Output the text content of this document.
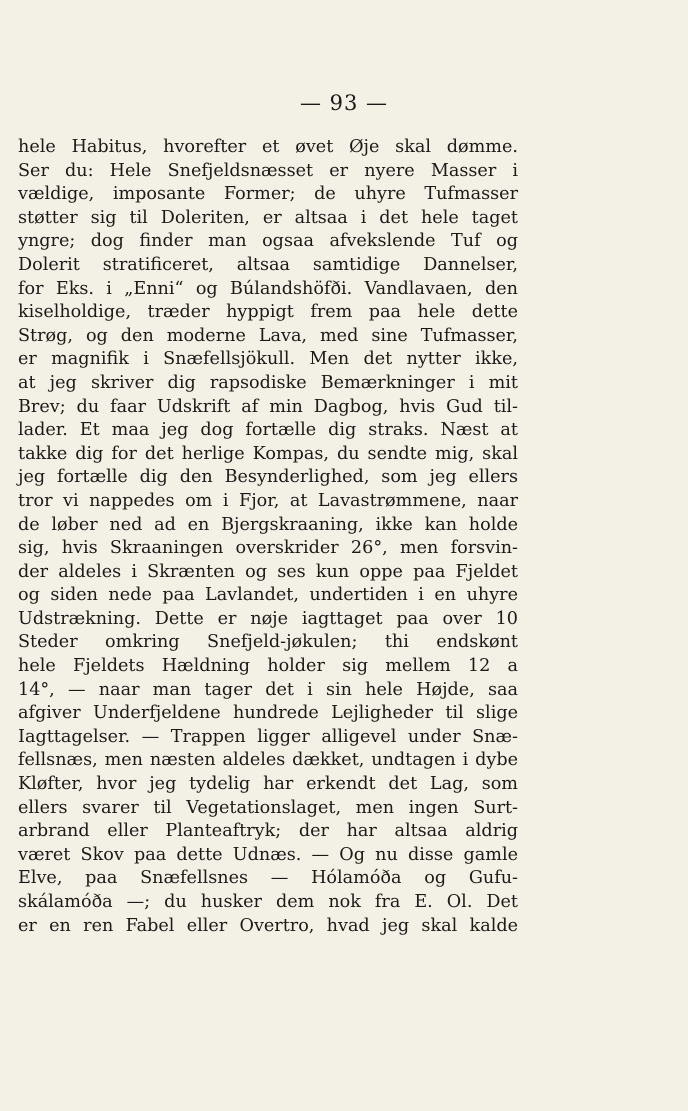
— 93 —
hele Habitus, hvorefter et øvet Øje skal dømme.
Ser du: Hele Snefjeldsnæsset er nyere Masser i
vældige, imposante Former; de uhyre Tufmasser
støtter sig til Doleriten, er altsaa i det hele taget
yngre; dog finder man ogsaa afvekslende Tuf og
Dolerit stratificeret, altsaa samtidige Dannelser,
for Eks. i „Enni“ og Búlandshöfði. Vandlavaen, den
kiselholdige, træder hyppigt frem paa hele dette
Strøg, og den moderne Lava, med sine Tufmasser,
er magnifik i Snæfellsjökull. Men det nytter ikke,
at jeg skriver dig rapsodiske Bemærkninger i mit
Brev; du faar Udskrift af min Dagbog, hvis Gud til-
lader. Et maa jeg dog fortælle dig straks. Næst at
takke dig for det herlige Kompas, du sendte mig, skal
jeg fortælle dig den Besynderlighed, som jeg ellers
tror vi nappedes om i Fjor, at Lavastrømmene, naar
de løber ned ad en Bjergskraaning, ikke kan holde
sig, hvis Skraaningen overskrider 26°, men forsvin-
der aldeles i Skrænten og ses kun oppe paa Fjeldet
og siden nede paa Lavlandet, undertiden i en uhyre
Udstrækning. Dette er nøje iagttaget paa over 10
Steder omkring Snefjeld-jøkulen; thi endskønt
hele Fjeldets Hældning holder sig mellem 12 a
14°, — naar man tager det i sin hele Højde, saa
afgiver Underfjeldene hundrede Lejligheder til slige
Iagttagelser. — Trappen ligger alligevel under Snæ-
fellsnæs, men næsten aldeles dækket, undtagen i dybe
Kløfter, hvor jeg tydelig har erkendt det Lag, som
ellers svarer til Vegetationslaget, men ingen Surt-
arbrand eller Planteaftryk; der har altsaa aldrig
været Skov paa dette Udnæs. — Og nu disse gamle
Elve, paa Snæfellsnes — Hólamóða og Gufu-
skálamóða —; du husker dem nok fra E. Ol. Det
er en ren Fabel eller Overtro, hvad jeg skal kalde
